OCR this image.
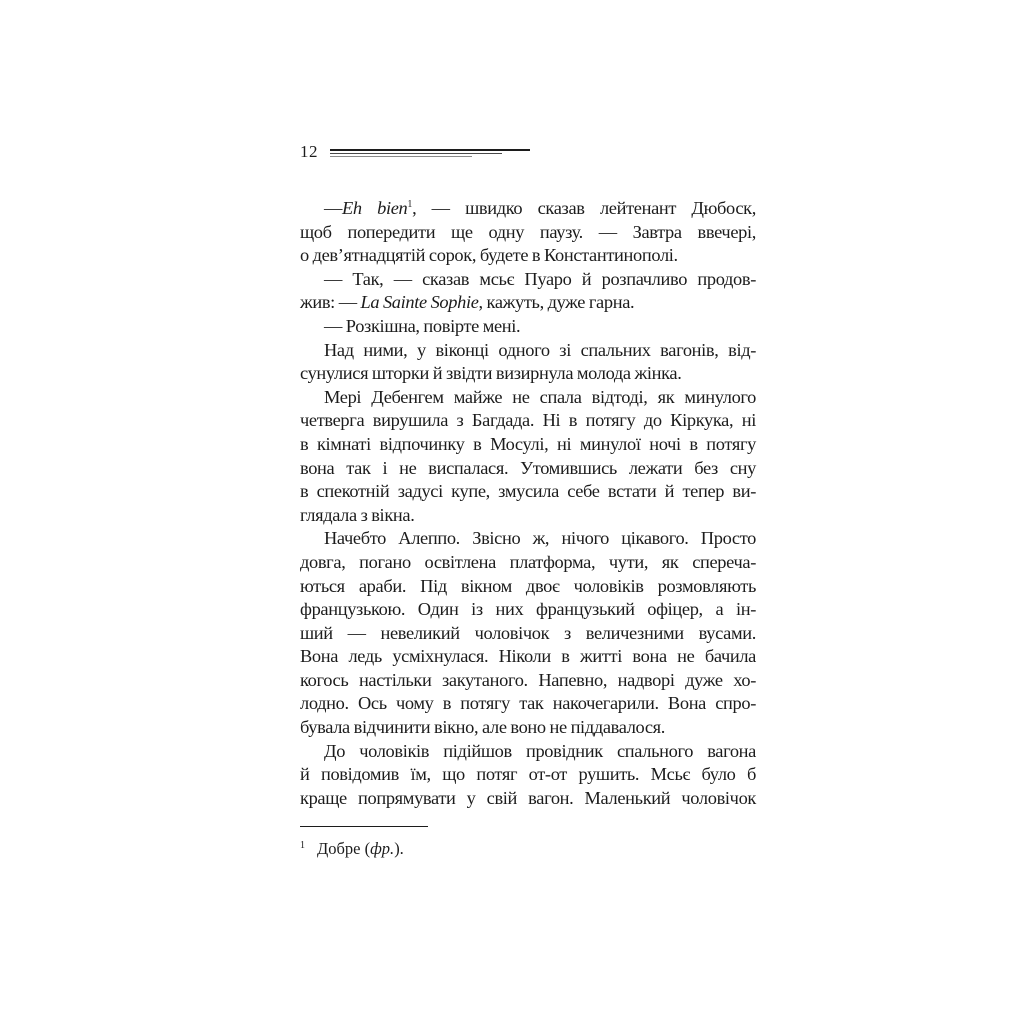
12
—Eh bien$^1$, — швидко сказав лейтенант Дюбоск,
щоб попередити ще одну паузу. — Завтра ввечері,
о дев’ятнадцятій сорок, будете в Константинополі.
— Так, — сказав мсьє Пуаро й розпачливо продов-
жив: — La Sainte Sophie, кажуть, дуже гарна.
— Розкішна, повірте мені.
Над ними, у віконці одного зі спальних вагонів, від-
сунулися шторки й звідти визирнула молода жінка.
Мері Дебенгем майже не спала відтоді, як минулого
четверга вирушила з Багдада. Ні в потягу до Кіркука, ні
в кімнаті відпочинку в Мосулі, ні минулої ночі в потягу
вона так і не виспалася. Утомившись лежати без сну
в спекотній задусі купе, змусила себе встати й тепер ви-
глядала з вікна.
Начебто Алеппо. Звісно ж, нічого цікавого. Просто
довга, погано освітлена платформа, чути, як сперечa-
ються араби. Під вікном двоє чоловіків розмовляють
французькою. Один із них французький офіцер, а ін-
ший — невеликий чоловічок з величезними вусами.
Вона ледь усміхнулася. Ніколи в житті вона не бачила
когось настільки закутаного. Напевно, надворі дуже хо-
лодно. Ось чому в потягу так накочегарили. Вона спро-
бувала відчинити вікно, але воно не піддавалося.
До чоловіків підійшов провідник спального вагона
й повідомив їм, що потяг от-от рушить. Мсьє було б
краще попрямувати у свій вагон. Маленький чоловічок
$^1$ Добре (фр.).
